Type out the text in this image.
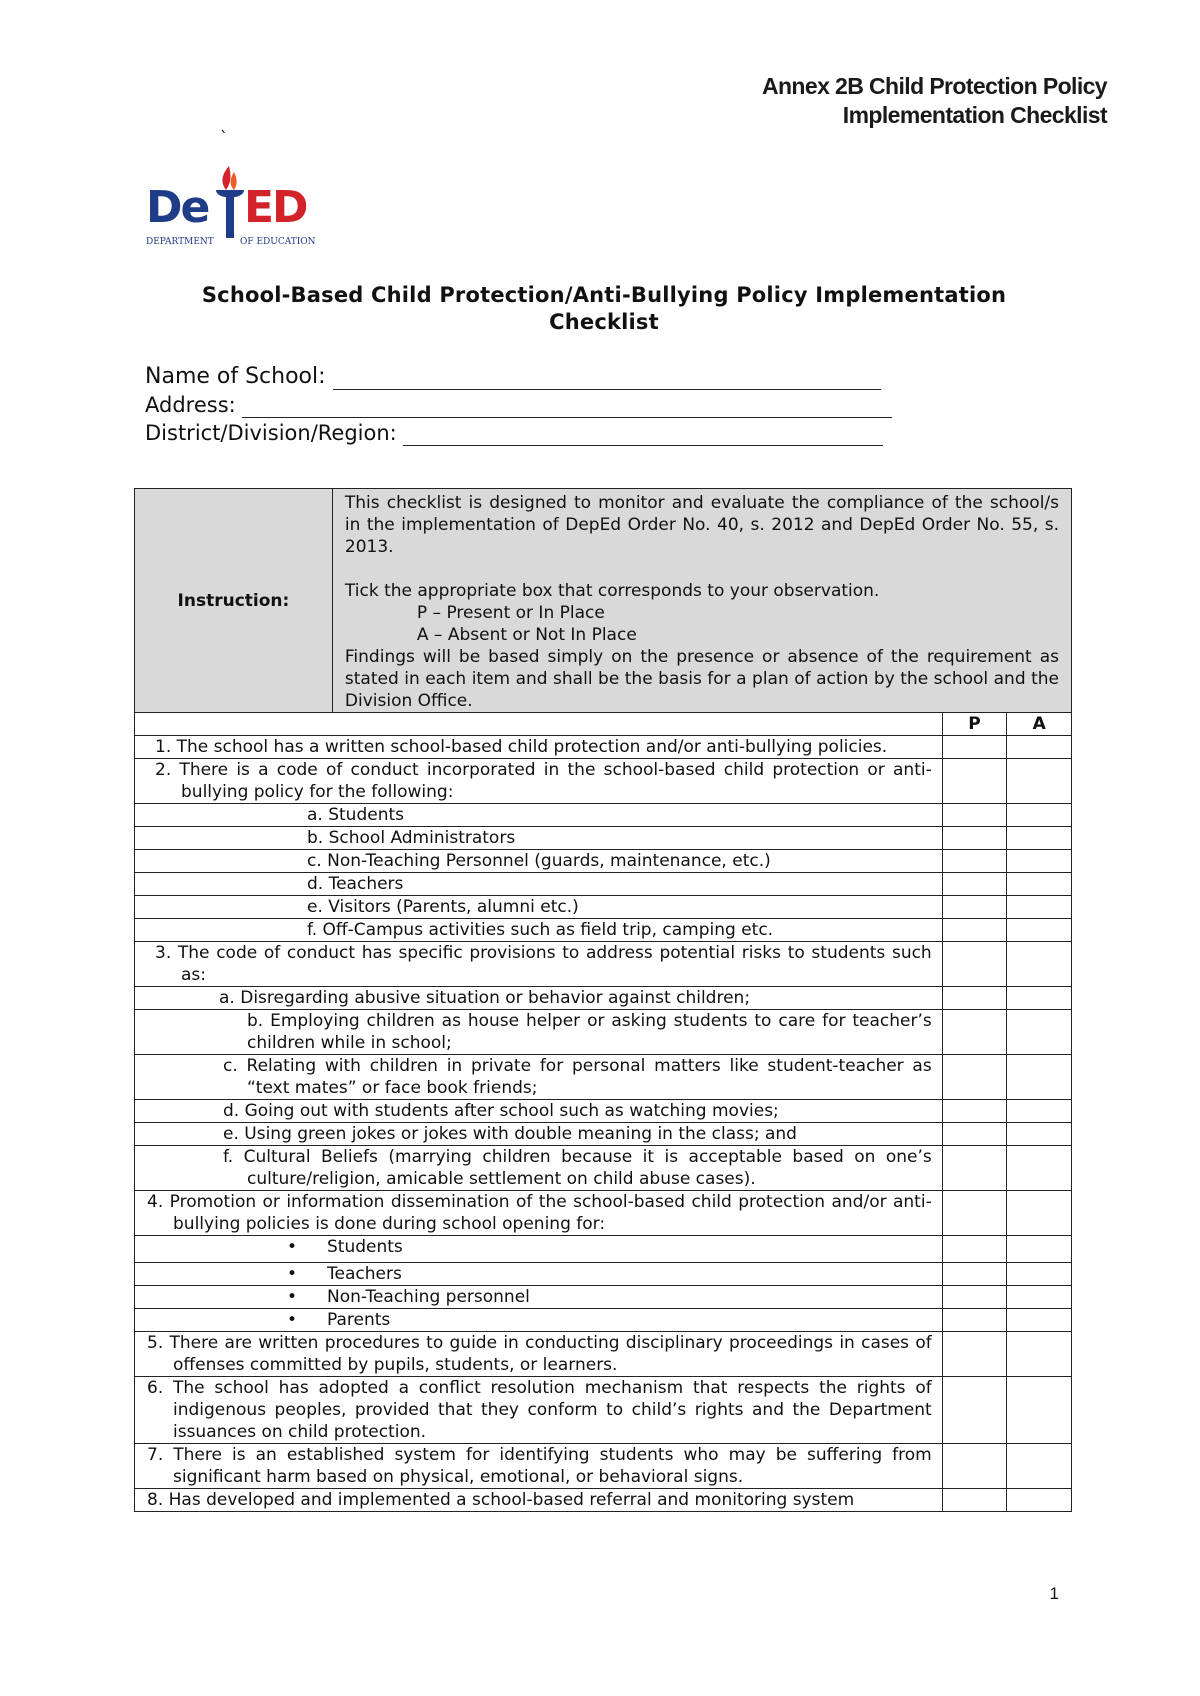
Annex 2B Child Protection Policy
Implementation Checklist
`
De ED
DEPARTMENT	OF EDUCATION
School-Based Child Protection/Anti-Bullying Policy Implementation
Checklist
Name of School:
Address:
District/Division/Region:
Instruction:	This checklist is designed to monitor and evaluate the compliance of the school/s in the implementation of DepEd Order No. 40, s. 2012 and DepEd Order No. 55, s. 2013.

Tick the appropriate box that corresponds to your observation.

P – Present or In Place

A – Absent or Not In Place

Findings will be based simply on the presence or absence of the requirement as stated in each item and shall be the basis for a plan of action by the school and the Division Office.		

		P	A

1. The school has a written school-based child protection and/or anti-bullying policies.			

2. There is a code of conduct incorporated in the school-based child protection or anti-bullying policy for the following:			

a. Students			
b. School Administrators			
c. Non-Teaching Personnel (guards, maintenance, etc.)			
d. Teachers			
e. Visitors (Parents, alumni etc.)			
f. Off-Campus activities such as field trip, camping etc.			

3. The code of conduct has specific provisions to address potential risks to students such as:			

a. Disregarding abusive situation or behavior against children;			

b. Employing children as house helper or asking students to care for teacher’s children while in school;			

c. Relating with children in private for personal matters like student-teacher as “text mates” or face book friends;			

d. Going out with students after school such as watching movies;			
e. Using green jokes or jokes with double meaning in the class; and			

f. Cultural Beliefs (marrying children because it is acceptable based on one’s culture/religion, amicable settlement on child abuse cases).			

4. Promotion or information dissemination of the school-based child protection and/or anti-bullying policies is done during school opening for:			

• Students			
• Teachers			
• Non-Teaching personnel			
• Parents			

5. There are written procedures to guide in conducting disciplinary proceedings in cases of offenses committed by pupils, students, or learners.			

6. The school has adopted a conflict resolution mechanism that respects the rights of indigenous peoples, provided that they conform to child’s rights and the Department issuances on child protection.			

7. There is an established system for identifying students who may be suffering from significant harm based on physical, emotional, or behavioral signs.			

8. Has developed and implemented a school-based referral and monitoring system			

1
